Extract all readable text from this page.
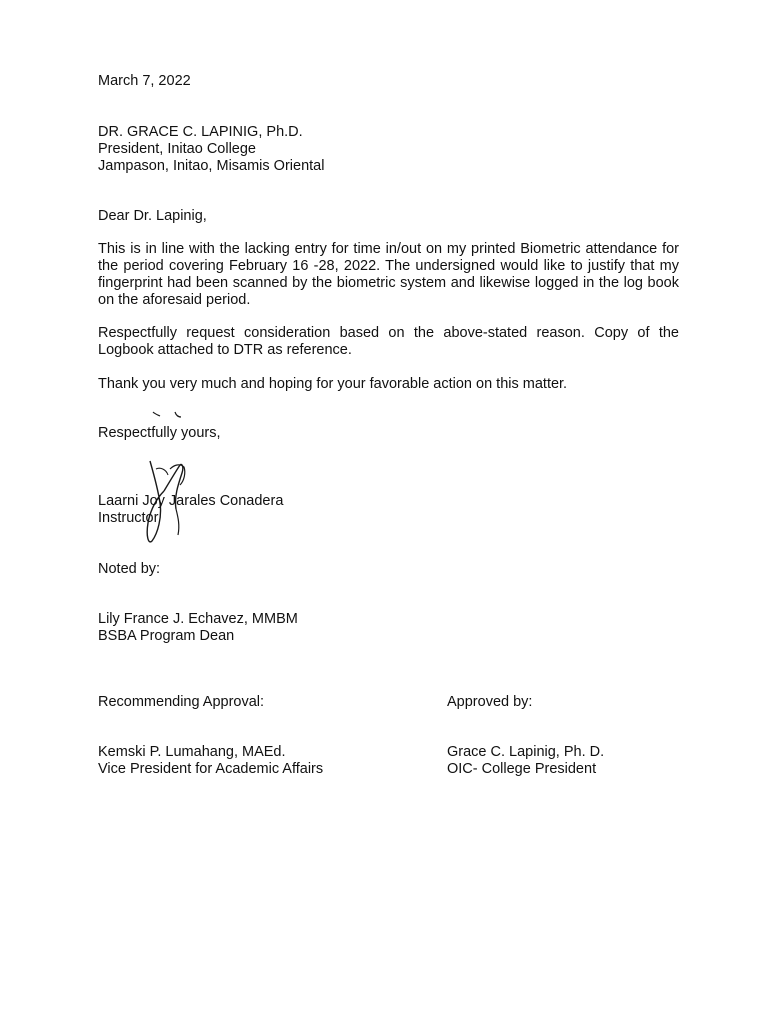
March 7, 2022
DR. GRACE C. LAPINIG, Ph.D.
President, Initao College
Jampason, Initao, Misamis Oriental
Dear Dr. Lapinig,

This is in line with the lacking entry for time in/out on my printed Biometric attendance for the period covering February 16 -28, 2022. The undersigned would like to justify that my fingerprint had been scanned by the biometric system and likewise logged in the log book on the aforesaid period.

Respectfully request consideration based on the above-stated reason. Copy of the Logbook attached to DTR as reference.

Thank you very much and hoping for your favorable action on this matter.

Respectfully yours,
Laarni Joy Jarales Conadera
Instructor
Noted by:
Lily France J. Echavez, MMBM
BSBA Program Dean
Recommending Approval:	Approved by:
Kemski P. Lumahang, MAEd.	Grace C. Lapinig, Ph. D.
Vice President for Academic Affairs	OIC- College President
